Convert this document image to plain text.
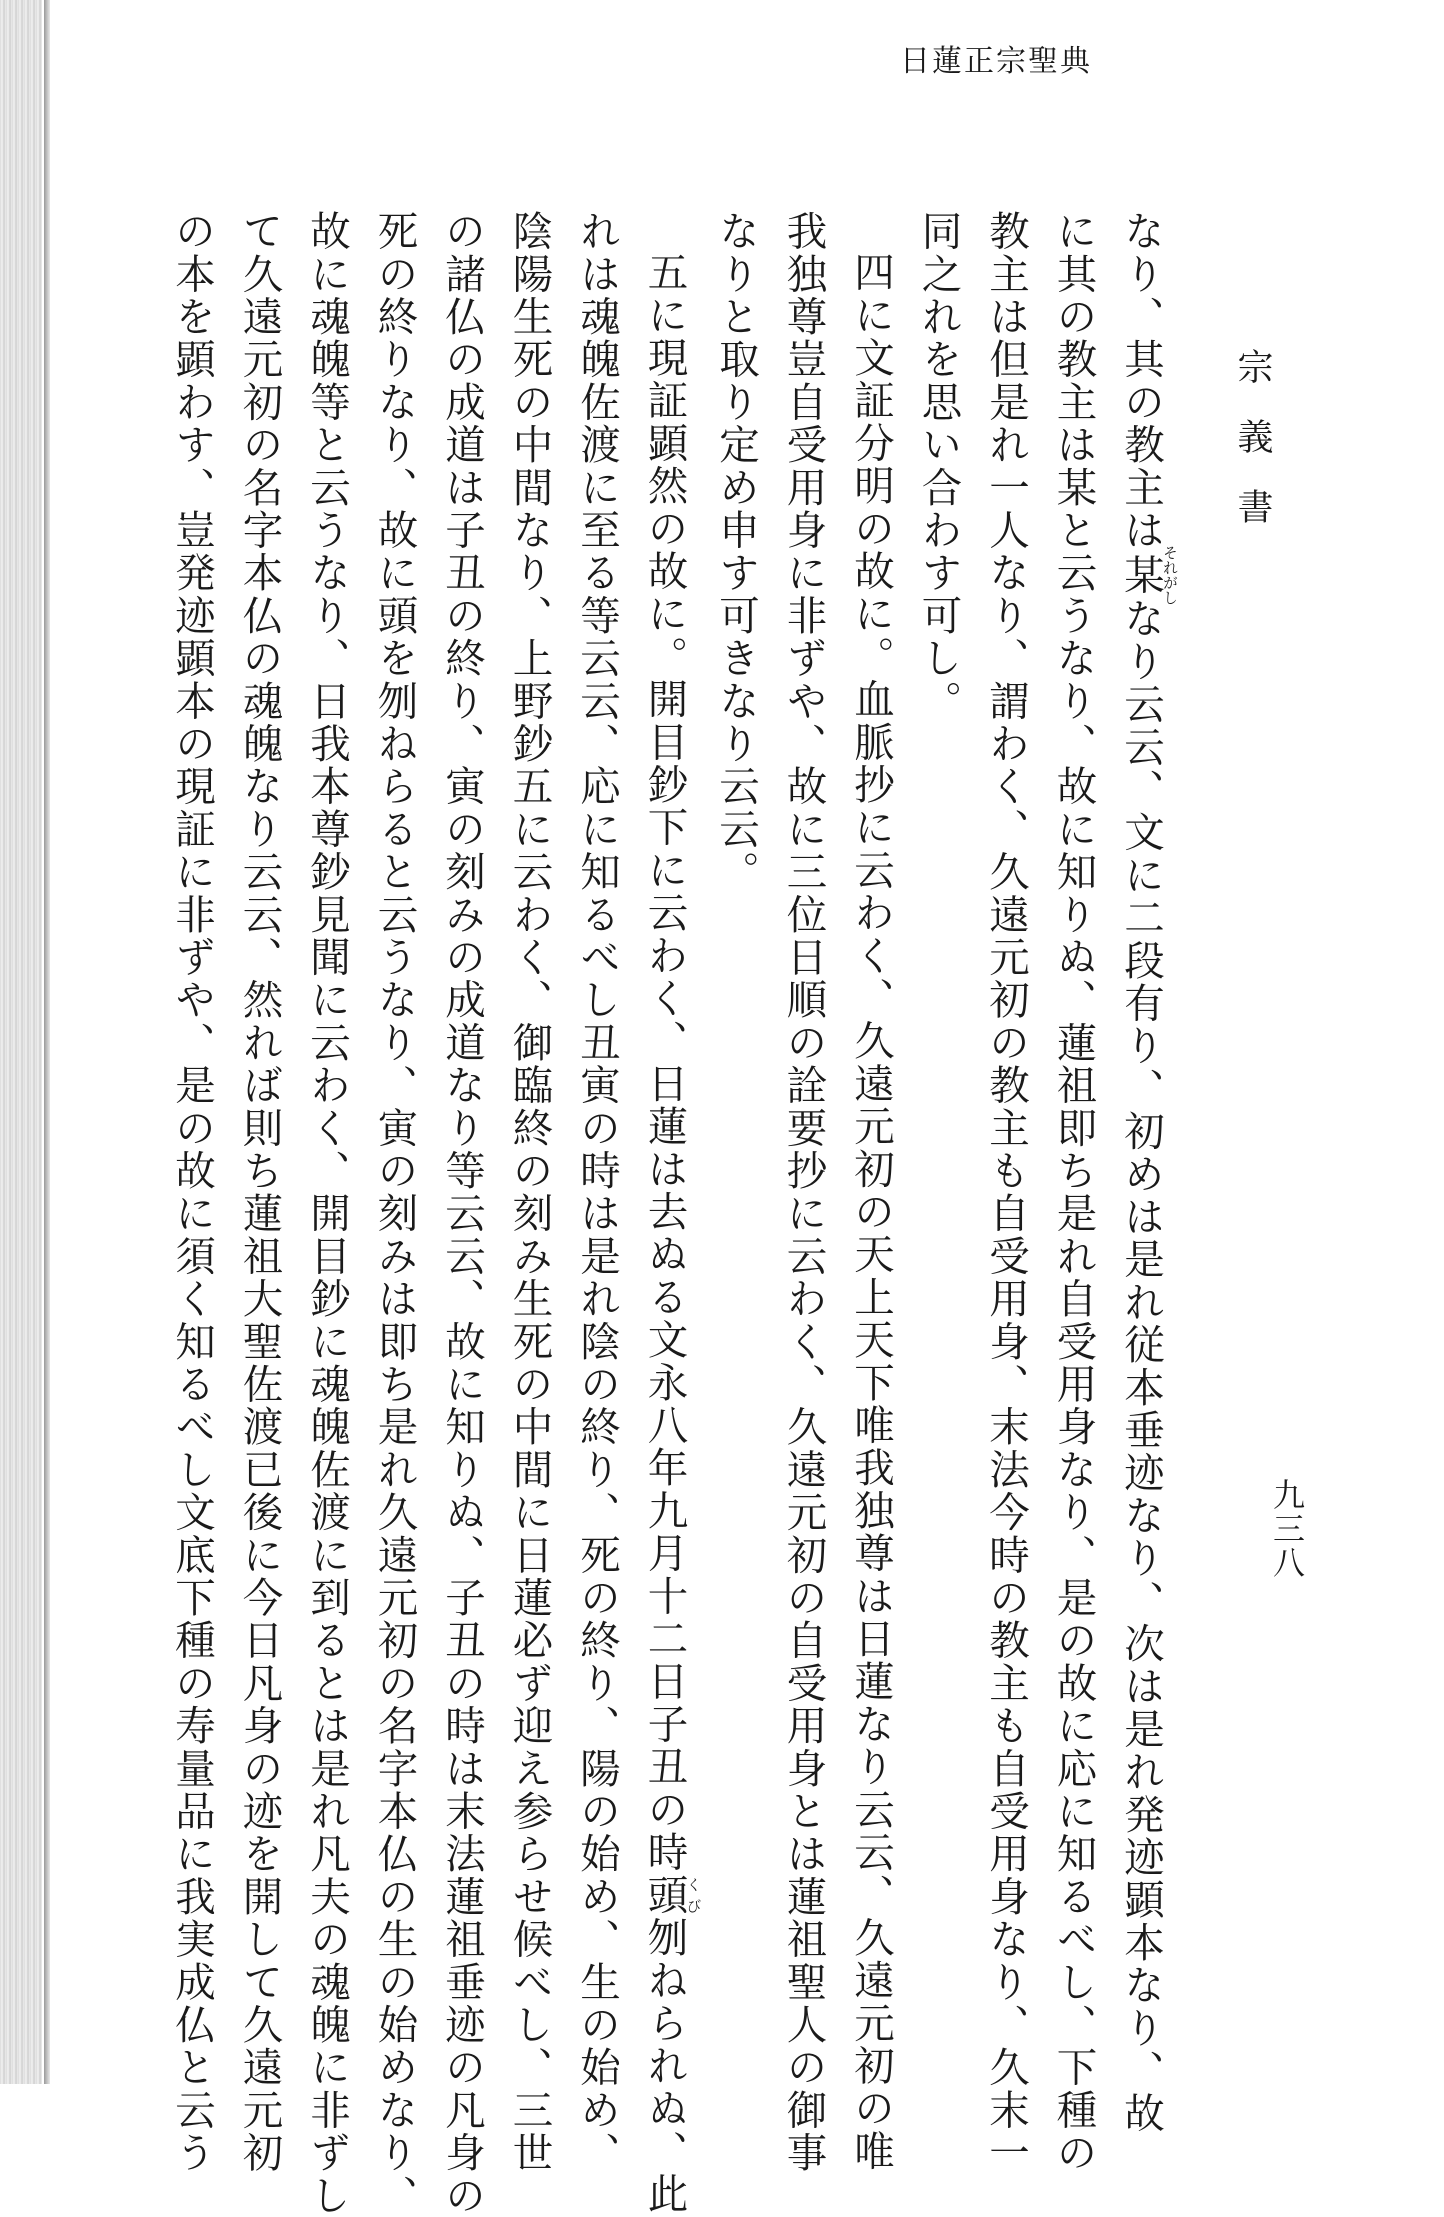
日蓮正宗聖典
宗義書
九三八
なり、其の教主は某それがしなり云云、文に二段有り、初めは是れ従本垂迹なり、次は是れ発迹顕本なり、故
に其の教主は某と云うなり、故に知りぬ、蓮祖即ち是れ自受用身なり、是の故に応に知るべし、下種の
教主は但是れ一人なり、謂わく、久遠元初の教主も自受用身、末法今時の教主も自受用身なり、久末一
同之れを思い合わす可し。
四に文証分明の故に。血脈抄に云わく、久遠元初の天上天下唯我独尊は日蓮なり云云、久遠元初の唯
我独尊豈自受用身に非ずや、故に三位日順の詮要抄に云わく、久遠元初の自受用身とは蓮祖聖人の御事
なりと取り定め申す可きなり云云。
五に現証顕然の故に。開目鈔下に云わく、日蓮は去ぬる文永八年九月十二日子丑の時頭くび刎ねられぬ、此
れは魂魄佐渡に至る等云云、応に知るべし丑寅の時は是れ陰の終り、死の終り、陽の始め、生の始め、
陰陽生死の中間なり、上野鈔五に云わく、御臨終の刻み生死の中間に日蓮必ず迎え参らせ候べし、三世
の諸仏の成道は子丑の終り、寅の刻みの成道なり等云云、故に知りぬ、子丑の時は末法蓮祖垂迹の凡身の
死の終りなり、故に頭を刎ねらると云うなり、寅の刻みは即ち是れ久遠元初の名字本仏の生の始めなり、
故に魂魄等と云うなり、日我本尊鈔見聞に云わく、開目鈔に魂魄佐渡に到るとは是れ凡夫の魂魄に非ずし
て久遠元初の名字本仏の魂魄なり云云、然れば則ち蓮祖大聖佐渡已後に今日凡身の迹を開して久遠元初
の本を顕わす、豈発迹顕本の現証に非ずや、是の故に須く知るべし文底下種の寿量品に我実成仏と云う
